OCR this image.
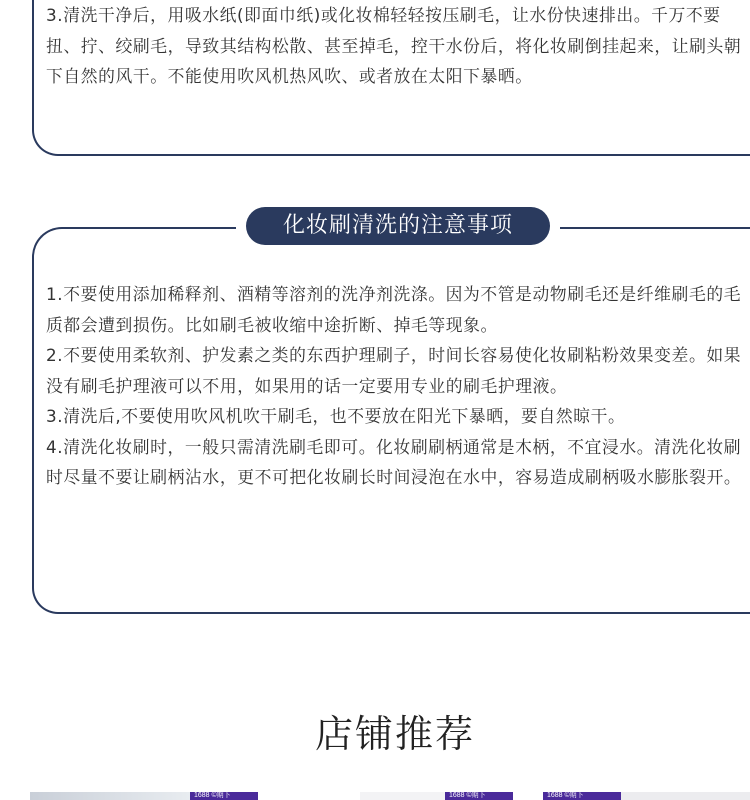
3.清洗干净后，用吸水纸(即面巾纸)或化妆棉轻轻按压刷毛，让水份快速排出。千万不要扭、拧、绞刷毛，导致其结构松散、甚至掉毛，控干水份后，将化妆刷倒挂起来，让刷头朝下自然的风干。不能使用吹风机热风吹、或者放在太阳下暴晒。

化妆刷清洗的注意事项
1.不要使用添加稀释剂、酒精等溶剂的洗净剂洗涤。因为不管是动物刷毛还是纤维刷毛的毛质都会遭到损伤。比如刷毛被收缩中途折断、掉毛等现象。
2.不要使用柔软剂、护发素之类的东西护理刷子，时间长容易使化妆刷粘粉效果变差。如果没有刷毛护理液可以不用，如果用的话一定要用专业的刷毛护理液。
3.清洗后,不要使用吹风机吹干刷毛，也不要放在阳光下暴晒，要自然晾干。
4.清洗化妆刷时，一般只需清洗刷毛即可。化妆刷刷柄通常是木柄，不宜浸水。清洗化妆刷时尽量不要让刷柄沾水，更不可把化妆刷长时间浸泡在水中，容易造成刷柄吸水膨胀裂开。
店铺推荐
1688 ©期下	1688 ©期下	1688 ©期下
